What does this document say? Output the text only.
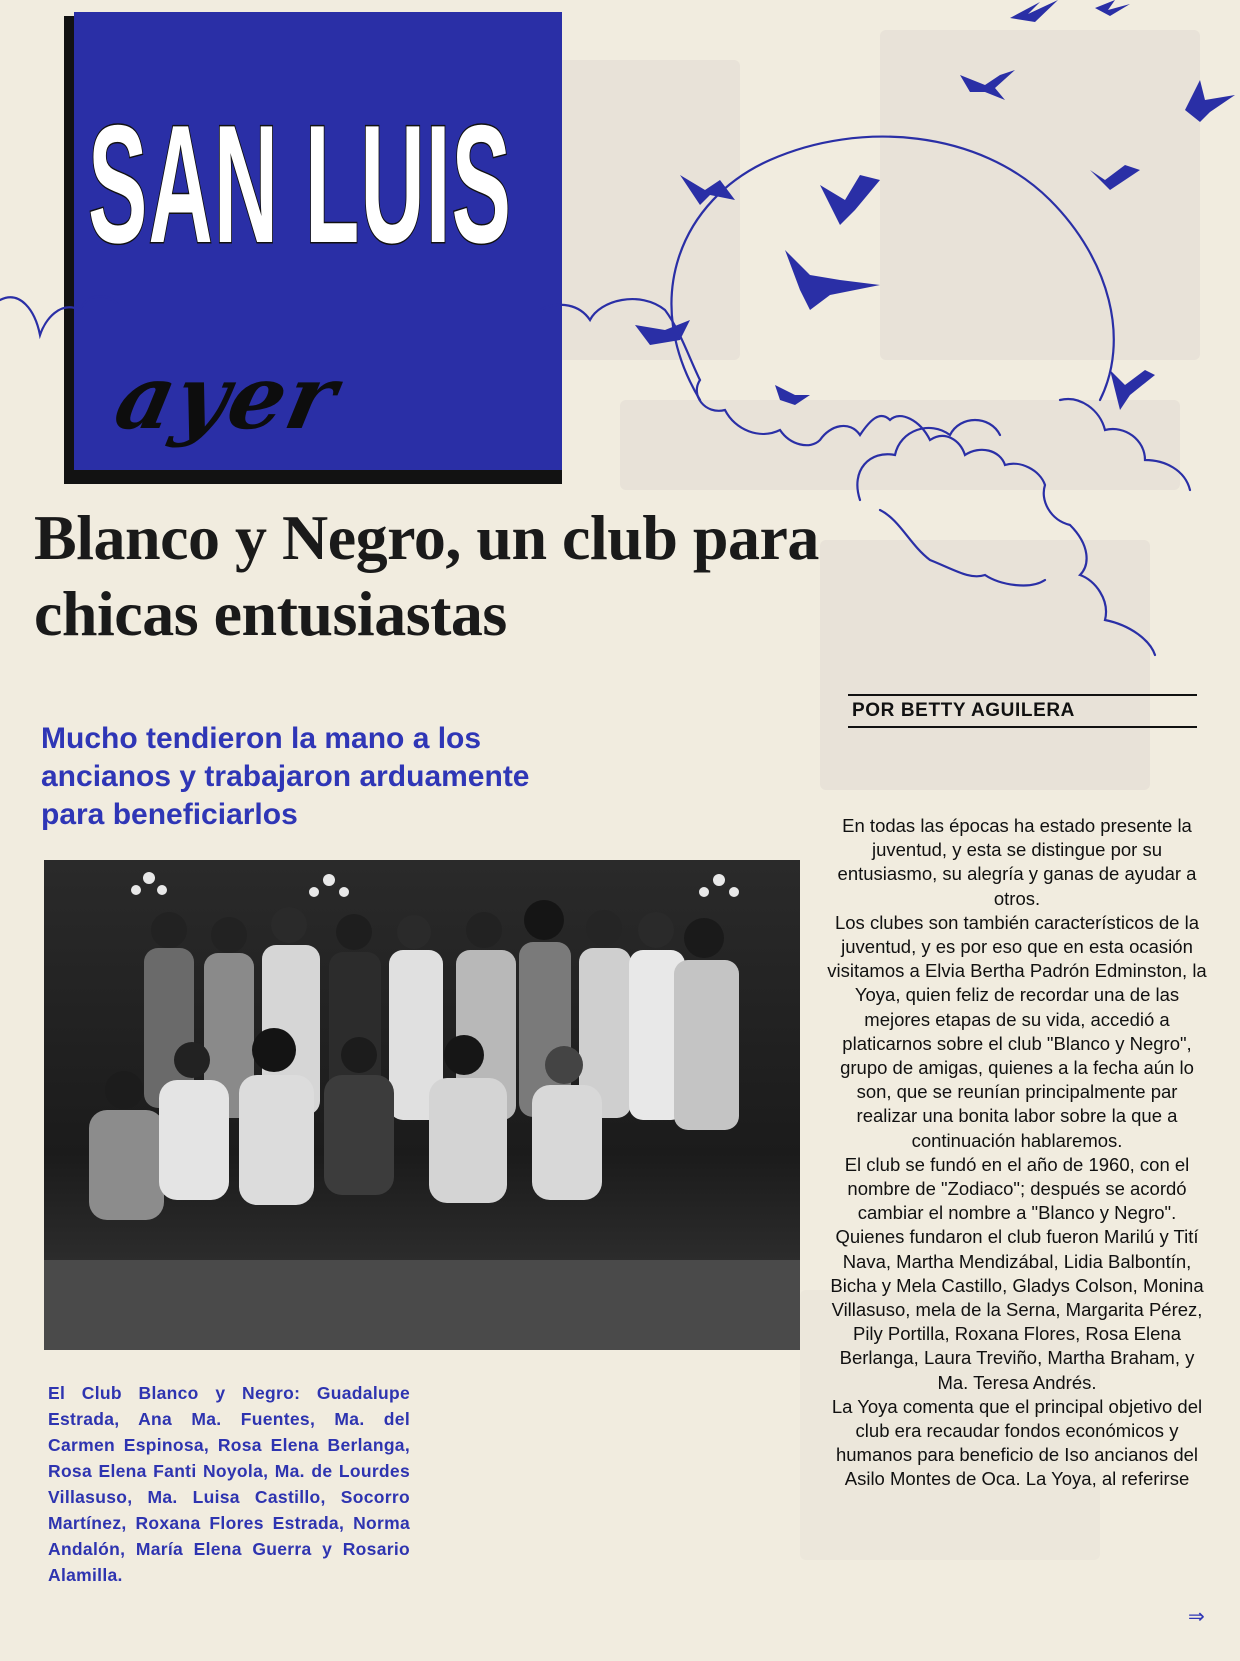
SAN LUIS
ayer
Blanco y Negro, un club para chicas entusiastas
POR BETTY AGUILERA
Mucho tendieron la mano a los ancianos y trabajaron arduamente para beneficiarlos

El Club Blanco y Negro: Guadalupe Estrada, Ana Ma. Fuentes, Ma. del Carmen Espinosa, Rosa Elena Berlanga, Rosa Elena Fanti Noyola, Ma. de Lourdes Villasuso, Ma. Luisa Castillo, Socorro Martínez, Roxana Flores Estrada, Norma Andalón, María Elena Guerra y Rosario Alamilla.

En todas las épocas ha estado presente la juventud, y esta se distingue por su entusiasmo, su alegría y ganas de ayudar a otros.

Los clubes son también característicos de la juventud, y es por eso que en esta ocasión visitamos a Elvia Bertha Padrón Edminston, la Yoya, quien feliz de recordar una de las mejores etapas de su vida, accedió a platicarnos sobre el club "Blanco y Negro", grupo de amigas, quienes a la fecha aún lo son, que se reunían principalmente par realizar una bonita labor sobre la que a continuación hablaremos.

El club se fundó en el año de 1960, con el nombre de "Zodiaco"; después se acordó cambiar el nombre a "Blanco y Negro". Quienes fundaron el club fueron Marilú y Tití Nava, Martha Mendizábal, Lidia Balbontín, Bicha y Mela Castillo, Gladys Colson, Monina Villasuso, mela de la Serna, Margarita Pérez, Pily Portilla, Roxana Flores, Rosa Elena Berlanga, Laura Treviño, Martha Braham, y Ma. Teresa Andrés.

La Yoya comenta que el principal objetivo del club era recaudar fondos económicos y humanos para beneficio de Iso ancianos del Asilo Montes de Oca. La Yoya, al referirse

⇒
